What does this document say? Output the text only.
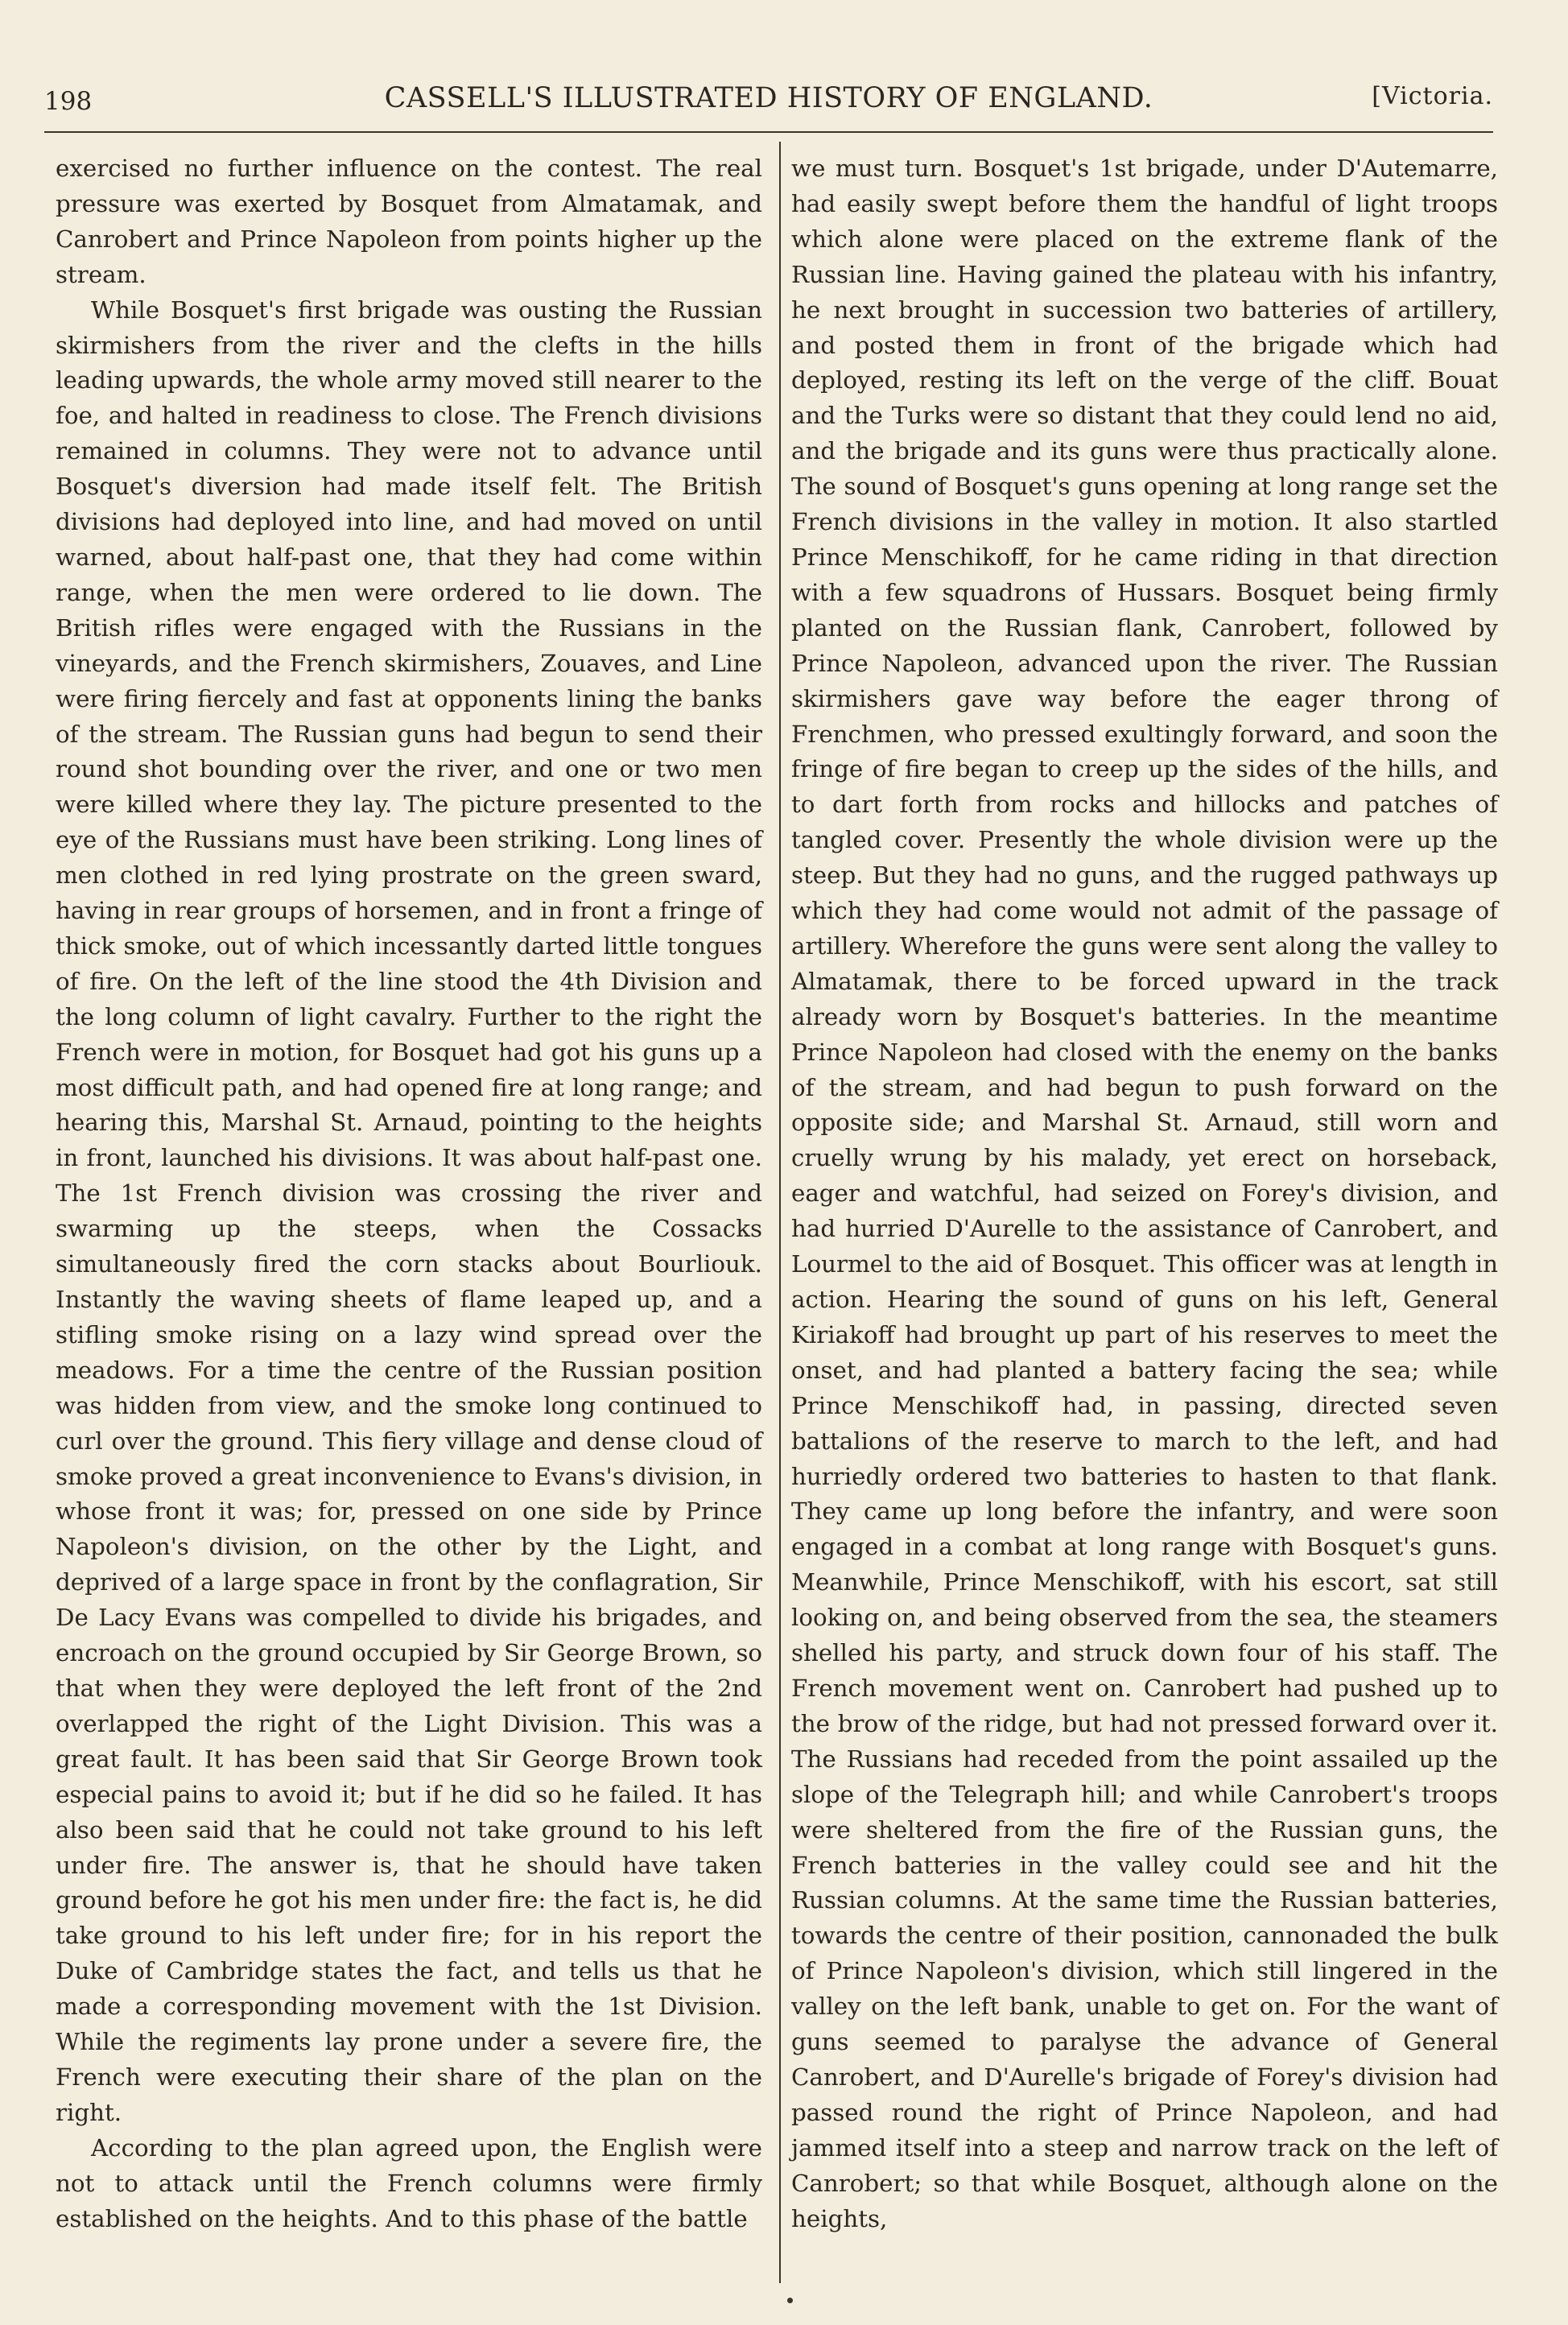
198	CASSELL'S ILLUSTRATED HISTORY OF ENGLAND.	[Victoria.

exercised no further influence on the contest. The real pressure was exerted by Bosquet from Almatamak, and Canrobert and Prince Napoleon from points higher up the stream.

While Bosquet's first brigade was ousting the Russian skirmishers from the river and the clefts in the hills leading upwards, the whole army moved still nearer to the foe, and halted in readiness to close. The French divisions remained in columns. They were not to advance until Bosquet's diversion had made itself felt. The British divisions had deployed into line, and had moved on until warned, about half-past one, that they had come within range, when the men were ordered to lie down. The British rifles were engaged with the Russians in the vineyards, and the French skirmishers, Zouaves, and Line were firing fiercely and fast at opponents lining the banks of the stream. The Russian guns had begun to send their round shot bounding over the river, and one or two men were killed where they lay. The picture presented to the eye of the Russians must have been striking. Long lines of men clothed in red lying prostrate on the green sward, having in rear groups of horsemen, and in front a fringe of thick smoke, out of which incessantly darted little tongues of fire. On the left of the line stood the 4th Division and the long column of light cavalry. Further to the right the French were in motion, for Bosquet had got his guns up a most difficult path, and had opened fire at long range; and hearing this, Marshal St. Arnaud, pointing to the heights in front, launched his divisions. It was about half-past one. The 1st French division was crossing the river and swarming up the steeps, when the Cossacks simultaneously fired the corn stacks about Bourliouk. Instantly the waving sheets of flame leaped up, and a stifling smoke rising on a lazy wind spread over the meadows. For a time the centre of the Russian position was hidden from view, and the smoke long continued to curl over the ground. This fiery village and dense cloud of smoke proved a great inconvenience to Evans's division, in whose front it was; for, pressed on one side by Prince Napoleon's division, on the other by the Light, and deprived of a large space in front by the conflagration, Sir De Lacy Evans was compelled to divide his brigades, and encroach on the ground occupied by Sir George Brown, so that when they were deployed the left front of the 2nd overlapped the right of the Light Division. This was a great fault. It has been said that Sir George Brown took especial pains to avoid it; but if he did so he failed. It has also been said that he could not take ground to his left under fire. The answer is, that he should have taken ground before he got his men under fire: the fact is, he did take ground to his left under fire; for in his report the Duke of Cambridge states the fact, and tells us that he made a corresponding movement with the 1st Division. While the regiments lay prone under a severe fire, the French were executing their share of the plan on the right.

According to the plan agreed upon, the English were not to attack until the French columns were firmly established on the heights. And to this phase of the battle

we must turn. Bosquet's 1st brigade, under D'Autemarre, had easily swept before them the handful of light troops which alone were placed on the extreme flank of the Russian line. Having gained the plateau with his infantry, he next brought in succession two batteries of artillery, and posted them in front of the brigade which had deployed, resting its left on the verge of the cliff. Bouat and the Turks were so distant that they could lend no aid, and the brigade and its guns were thus practically alone. The sound of Bosquet's guns opening at long range set the French divisions in the valley in motion. It also startled Prince Menschikoff, for he came riding in that direction with a few squadrons of Hussars. Bosquet being firmly planted on the Russian flank, Canrobert, followed by Prince Napoleon, advanced upon the river. The Russian skirmishers gave way before the eager throng of Frenchmen, who pressed exultingly forward, and soon the fringe of fire began to creep up the sides of the hills, and to dart forth from rocks and hillocks and patches of tangled cover. Presently the whole division were up the steep. But they had no guns, and the rugged pathways up which they had come would not admit of the passage of artillery. Wherefore the guns were sent along the valley to Almatamak, there to be forced upward in the track already worn by Bosquet's batteries. In the meantime Prince Napoleon had closed with the enemy on the banks of the stream, and had begun to push forward on the opposite side; and Marshal St. Arnaud, still worn and cruelly wrung by his malady, yet erect on horseback, eager and watchful, had seized on Forey's division, and had hurried D'Aurelle to the assistance of Canrobert, and Lourmel to the aid of Bosquet. This officer was at length in action. Hearing the sound of guns on his left, General Kiriakoff had brought up part of his reserves to meet the onset, and had planted a battery facing the sea; while Prince Menschikoff had, in passing, directed seven battalions of the reserve to march to the left, and had hurriedly ordered two batteries to hasten to that flank. They came up long before the infantry, and were soon engaged in a combat at long range with Bosquet's guns. Meanwhile, Prince Menschikoff, with his escort, sat still looking on, and being observed from the sea, the steamers shelled his party, and struck down four of his staff. The French movement went on. Canrobert had pushed up to the brow of the ridge, but had not pressed forward over it. The Russians had receded from the point assailed up the slope of the Telegraph hill; and while Canrobert's troops were sheltered from the fire of the Russian guns, the French batteries in the valley could see and hit the Russian columns. At the same time the Russian batteries, towards the centre of their position, cannonaded the bulk of Prince Napoleon's division, which still lingered in the valley on the left bank, unable to get on. For the want of guns seemed to paralyse the advance of General Canrobert, and D'Aurelle's brigade of Forey's division had passed round the right of Prince Napoleon, and had jammed itself into a steep and narrow track on the left of Canrobert; so that while Bosquet, although alone on the heights,
